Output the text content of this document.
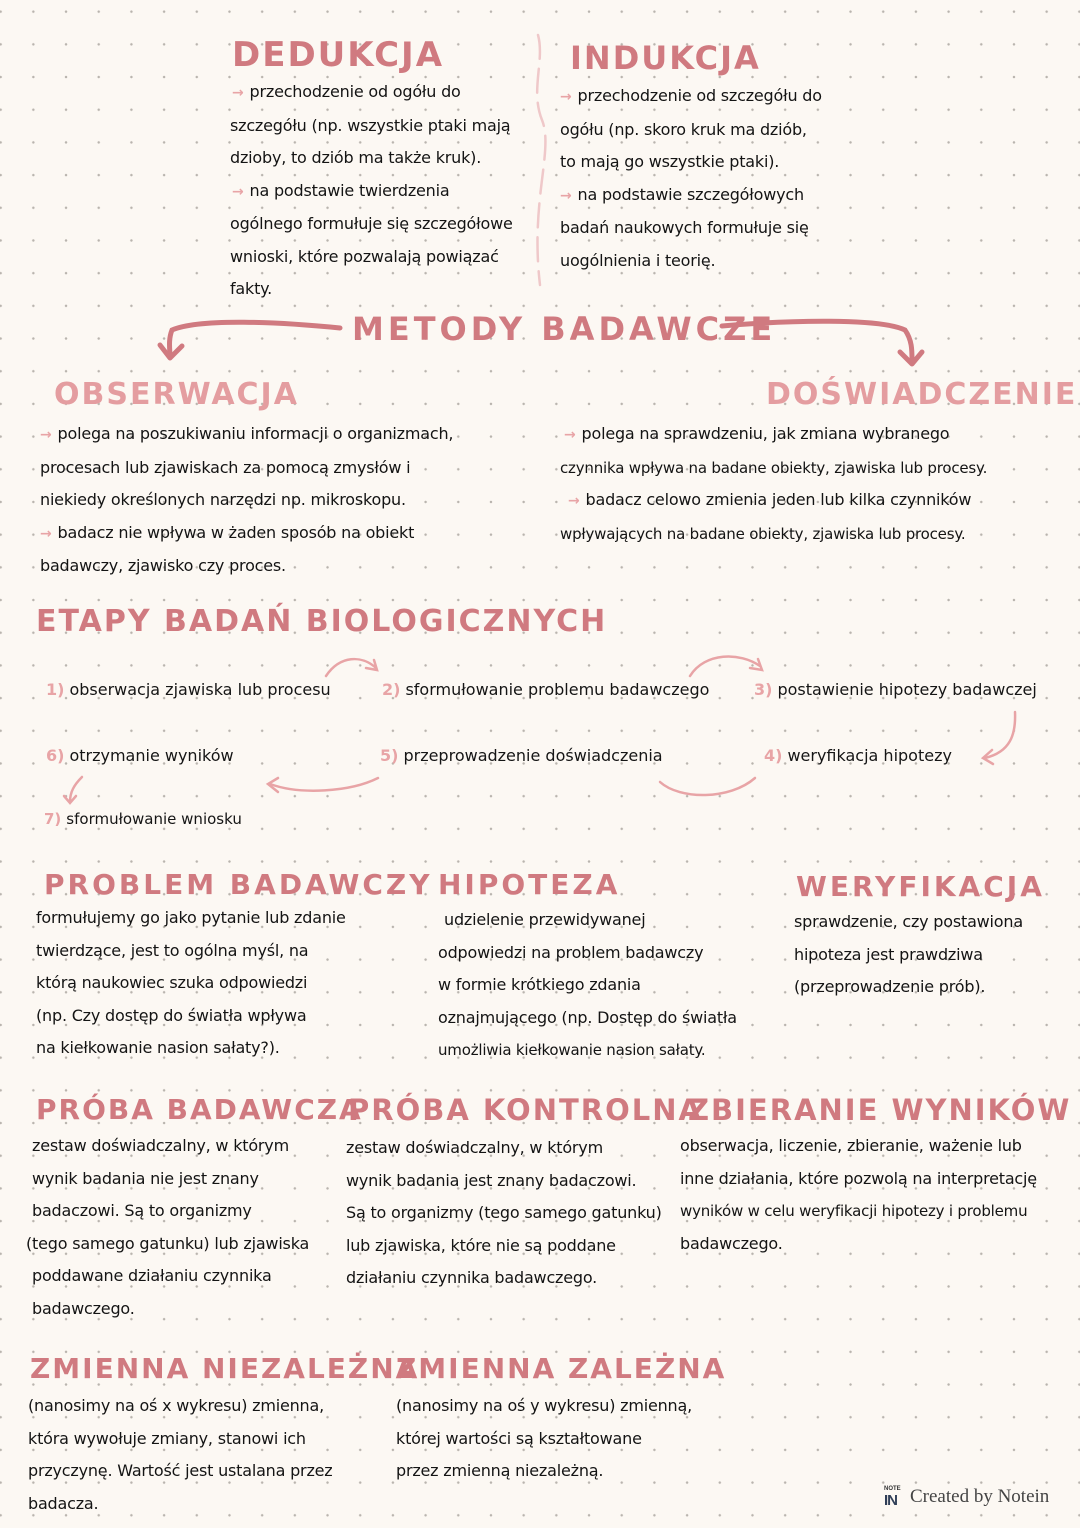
DEDUKCJA
→ przechodzenie od ogółu do
szczegółu (np. wszystkie ptaki mają
dzioby, to dziób ma także kruk).
→ na podstawie twierdzenia
ogólnego formułuje się szczegółowe
wnioski, które pozwalają powiązać
fakty.
INDUKCJA
→ przechodzenie od szczegółu do
ogółu (np. skoro kruk ma dziób,
to mają go wszystkie ptaki).
→ na podstawie szczegółowych
badań naukowych formułuje się
uogólnienia i teorię.
METODY BADAWCZE
OBSERWACJA
→ polega na poszukiwaniu informacji o organizmach,
procesach lub zjawiskach za pomocą zmysłów i
niekiedy określonych narzędzi np. mikroskopu.
→ badacz nie wpływa w żaden sposób na obiekt
badawczy, zjawisko czy proces.
DOŚWIADCZENIE
→ polega na sprawdzeniu, jak zmiana wybranego
czynnika wpływa na badane obiekty, zjawiska lub procesy.
→ badacz celowo zmienia jeden lub kilka czynników
wpływających na badane obiekty, zjawiska lub procesy.
ETAPY BADAŃ BIOLOGICZNYCH
1) obserwacja zjawiska lub procesu	2) sformułowanie problemu badawczego	3) postawienie hipotezy badawczej
4) weryfikacja hipotezy
5) przeprowadzenie doświadczenia
6) otrzymanie wyników
7) sformułowanie wniosku
PROBLEM BADAWCZY
formułujemy go jako pytanie lub zdanie
twierdzące, jest to ogólna myśl, na
którą naukowiec szuka odpowiedzi
(np. Czy dostęp do światła wpływa
na kiełkowanie nasion sałaty?).
HIPOTEZA
udzielenie przewidywanej
odpowiedzi na problem badawczy
w formie krótkiego zdania
oznajmującego (np. Dostęp do światła
umożliwia kiełkowanie nasion sałaty.
WERYFIKACJA
sprawdzenie, czy postawiona
hipoteza jest prawdziwa
(przeprowadzenie prób).
PRÓBA BADAWCZA
zestaw doświadczalny, w którym
wynik badania nie jest znany
badaczowi. Są to organizmy
(tego samego gatunku) lub zjawiska
poddawane działaniu czynnika
badawczego.
PRÓBA KONTROLNA
zestaw doświadczalny, w którym
wynik badania jest znany badaczowi.
Są to organizmy (tego samego gatunku)
lub zjawiska, które nie są poddane
działaniu czynnika badawczego.
ZBIERANIE WYNIKÓW
obserwacja, liczenie, zbieranie, ważenie lub
inne działania, które pozwolą na interpretację
wyników w celu weryfikacji hipotezy i problemu
badawczego.
ZMIENNA NIEZALEŻNA
(nanosimy na oś x wykresu) zmienna,
która wywołuje zmiany, stanowi ich
przyczynę. Wartość jest ustalana przez
badacza.
ZMIENNA ZALEŻNA
(nanosimy na oś y wykresu) zmienną,
której wartości są kształtowane
przez zmienną niezależną.
NOTE
IN Created by Notein
